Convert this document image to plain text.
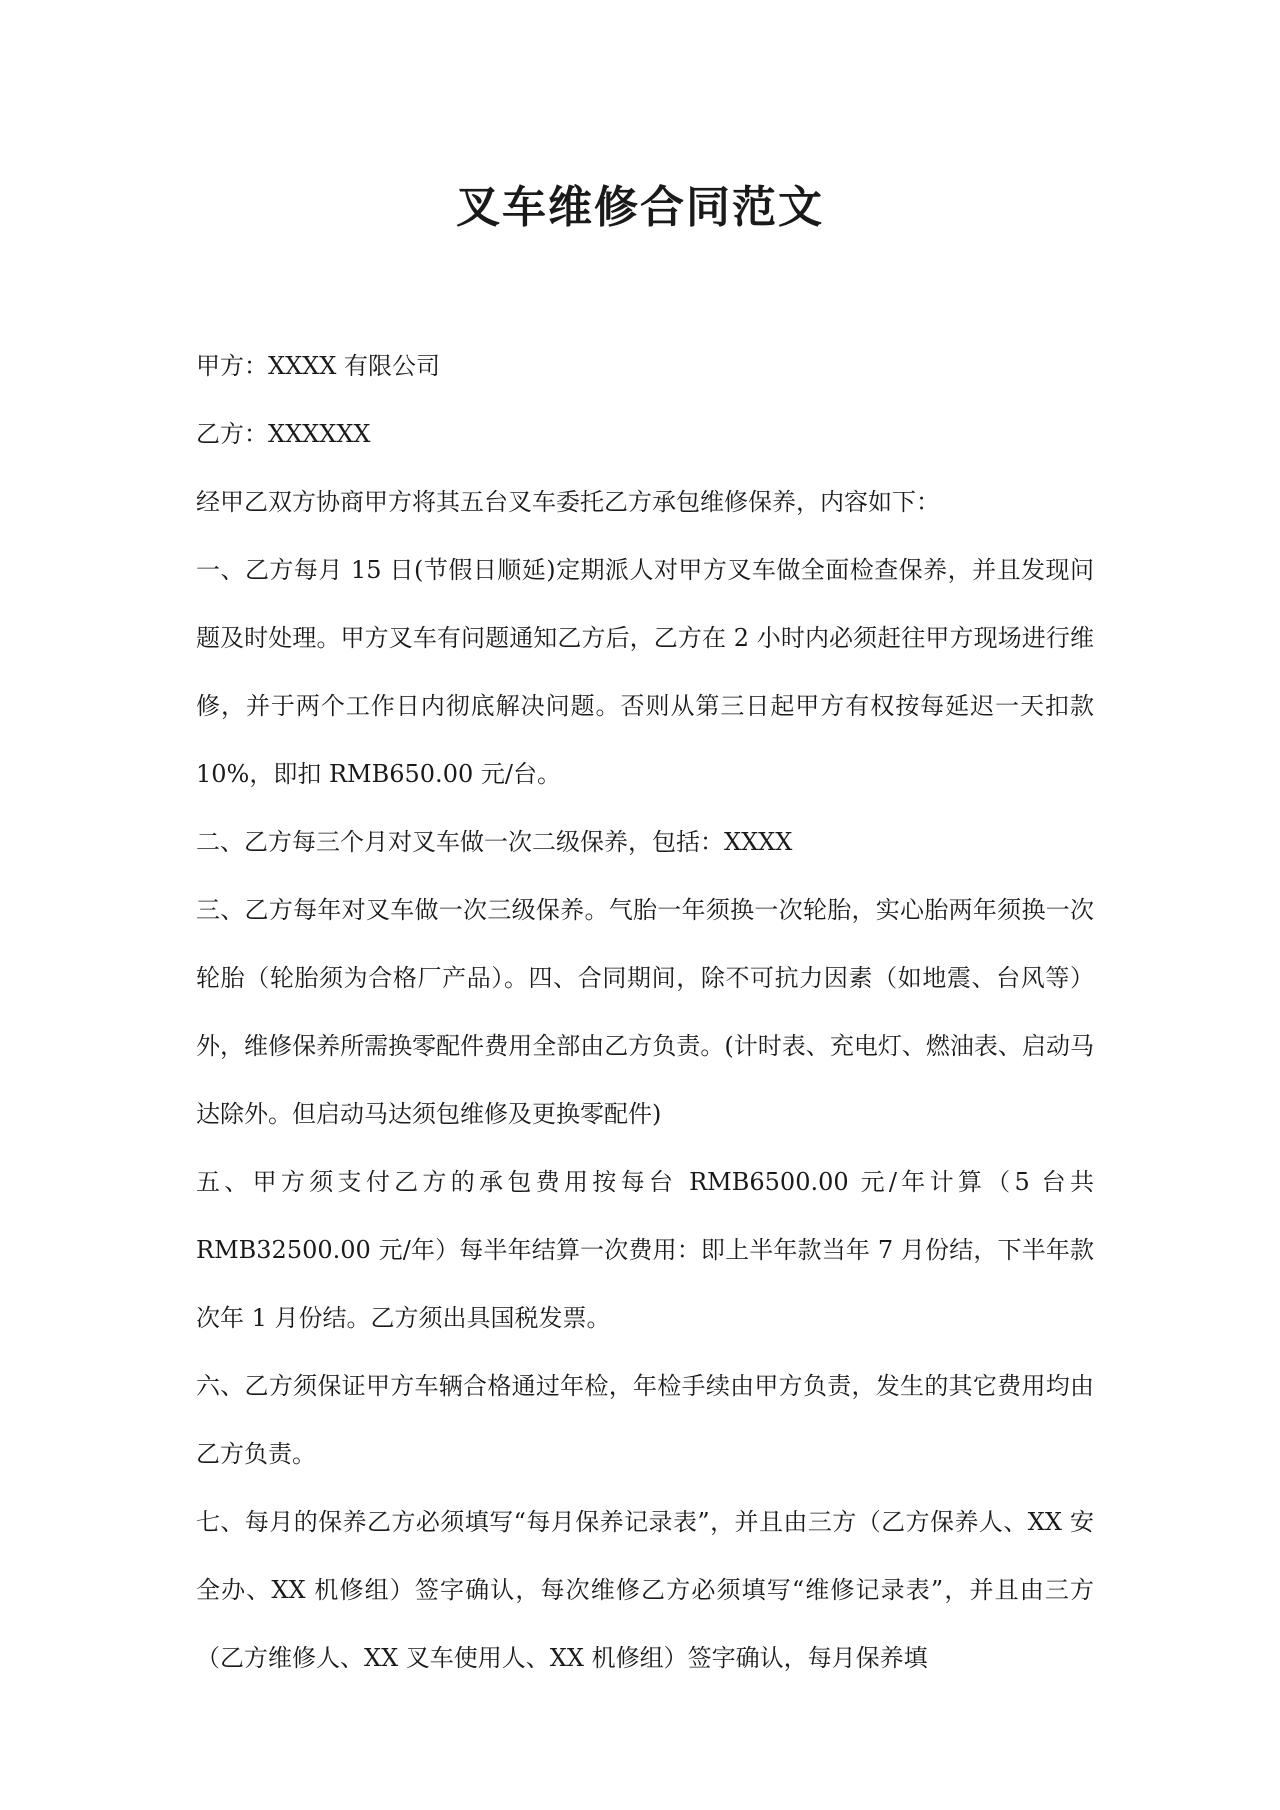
叉车维修合同范文

甲方：XXXX 有限公司

乙方：XXXXXX

经甲乙双方协商甲方将其五台叉车委托乙方承包维修保养，内容如下：

一、乙方每月 15 日(节假日顺延)定期派人对甲方叉车做全面检查保养，并且发现问题及时处理。甲方叉车有问题通知乙方后，乙方在 2 小时内必须赶往甲方现场进行维修，并于两个工作日内彻底解决问题。否则从第三日起甲方有权按每延迟一天扣款 10%，即扣 RMB650.00 元/台。

二、乙方每三个月对叉车做一次二级保养，包括：XXXX

三、乙方每年对叉车做一次三级保养。气胎一年须换一次轮胎，实心胎两年须换一次轮胎（轮胎须为合格厂产品）。四、合同期间，除不可抗力因素（如地震、台风等）外，维修保养所需换零配件费用全部由乙方负责。(计时表、充电灯、燃油表、启动马达除外。但启动马达须包维修及更换零配件)

五、甲方须支付乙方的承包费用按每台 RMB6500.00 元/年计算（5 台共 RMB32500.00 元/年）每半年结算一次费用：即上半年款当年 7 月份结，下半年款次年 1 月份结。乙方须出具国税发票。

六、乙方须保证甲方车辆合格通过年检，年检手续由甲方负责，发生的其它费用均由乙方负责。

七、每月的保养乙方必须填写“每月保养记录表”，并且由三方（乙方保养人、XX 安全办、XX 机修组）签字确认，每次维修乙方必须填写“维修记录表”，并且由三方（乙方维修人、XX 叉车使用人、XX 机修组）签字确认，每月保养填
